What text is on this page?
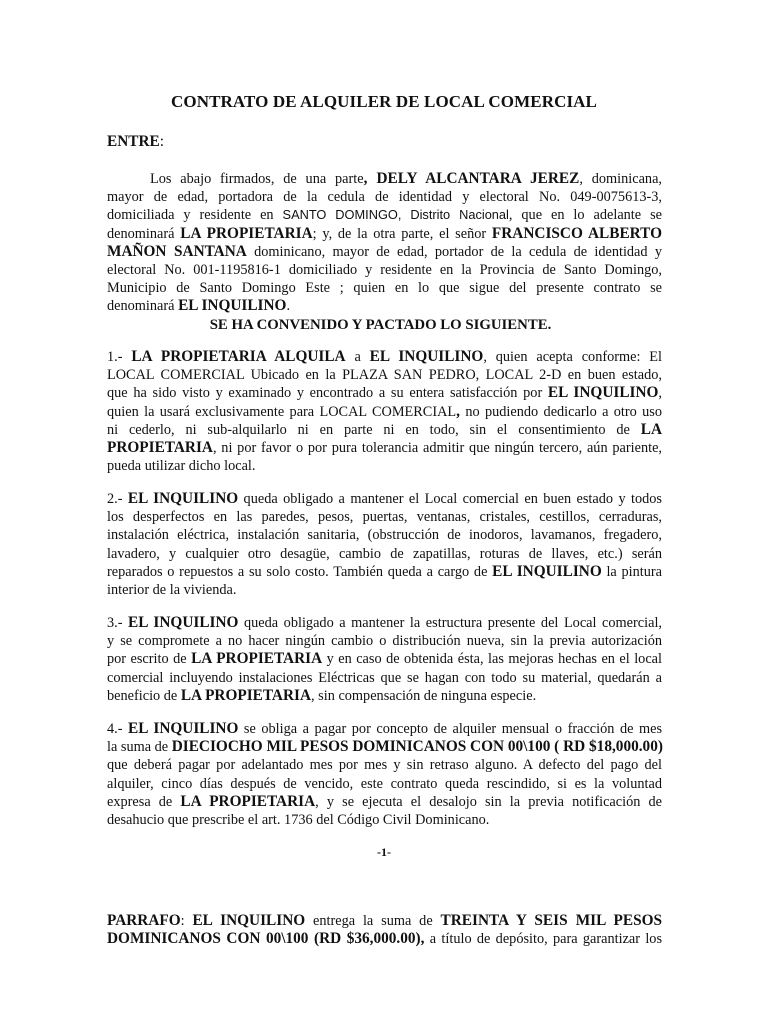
CONTRATO DE ALQUILER DE LOCAL COMERCIAL
ENTRE:
Los abajo firmados, de una parte, DELY ALCANTARA JEREZ, dominicana,
mayor de edad, portadora de la cedula de identidad y electoral No. 049-0075613-3,
domiciliada y residente en SANTO DOMINGO, Distrito Nacional, que en lo adelante se
denominará LA PROPIETARIA; y, de la otra parte, el señor FRANCISCO ALBERTO
MAÑON SANTANA dominicano, mayor de edad, portador de la cedula de identidad y
electoral No. 001-1195816-1 domiciliado y residente en la Provincia de Santo Domingo,
Municipio de Santo Domingo Este ; quien en lo que sigue del presente contrato se
denominará EL INQUILINO.
SE HA CONVENIDO Y PACTADO LO SIGUIENTE.
1.- LA PROPIETARIA ALQUILA a EL INQUILINO, quien acepta conforme: El
LOCAL COMERCIAL Ubicado en la PLAZA SAN PEDRO, LOCAL 2-D en buen estado,
que ha sido visto y examinado y encontrado a su entera satisfacción por EL INQUILINO,
quien la usará exclusivamente para LOCAL COMERCIAL, no pudiendo dedicarlo a otro uso
ni cederlo, ni sub-alquilarlo ni en parte ni en todo, sin el consentimiento de LA
PROPIETARIA, ni por favor o por pura tolerancia admitir que ningún tercero, aún pariente,
pueda utilizar dicho local.
2.- EL INQUILINO queda obligado a mantener el Local comercial en buen estado y todos
los desperfectos en las paredes, pesos, puertas, ventanas, cristales, cestillos, cerraduras,
instalación eléctrica, instalación sanitaria, (obstrucción de inodoros, lavamanos, fregadero,
lavadero, y cualquier otro desagüe, cambio de zapatillas, roturas de llaves, etc.) serán
reparados o repuestos a su solo costo. También queda a cargo de EL INQUILINO la pintura
interior de la vivienda.
3.- EL INQUILINO queda obligado a mantener la estructura presente del Local comercial,
y se compromete a no hacer ningún cambio o distribución nueva, sin la previa autorización
por escrito de LA PROPIETARIA y en caso de obtenida ésta, las mejoras hechas en el local
comercial incluyendo instalaciones Eléctricas que se hagan con todo su material, quedarán a
beneficio de LA PROPIETARIA, sin compensación de ninguna especie.
4.- EL INQUILINO se obliga a pagar por concepto de alquiler mensual o fracción de mes
la suma de DIECIOCHO MIL PESOS DOMINICANOS CON 00\100 ( RD $18,000.00)
que deberá pagar por adelantado mes por mes y sin retraso alguno. A defecto del pago del
alquiler, cinco días después de vencido, este contrato queda rescindido, si es la voluntad
expresa de LA PROPIETARIA, y se ejecuta el desalojo sin la previa notificación de
desahucio que prescribe el art. 1736 del Código Civil Dominicano.
-1-
PARRAFO: EL INQUILINO entrega la suma de TREINTA Y SEIS MIL PESOS
DOMINICANOS CON 00\100 (RD $36,000.00), a título de depósito, para garantizar los
